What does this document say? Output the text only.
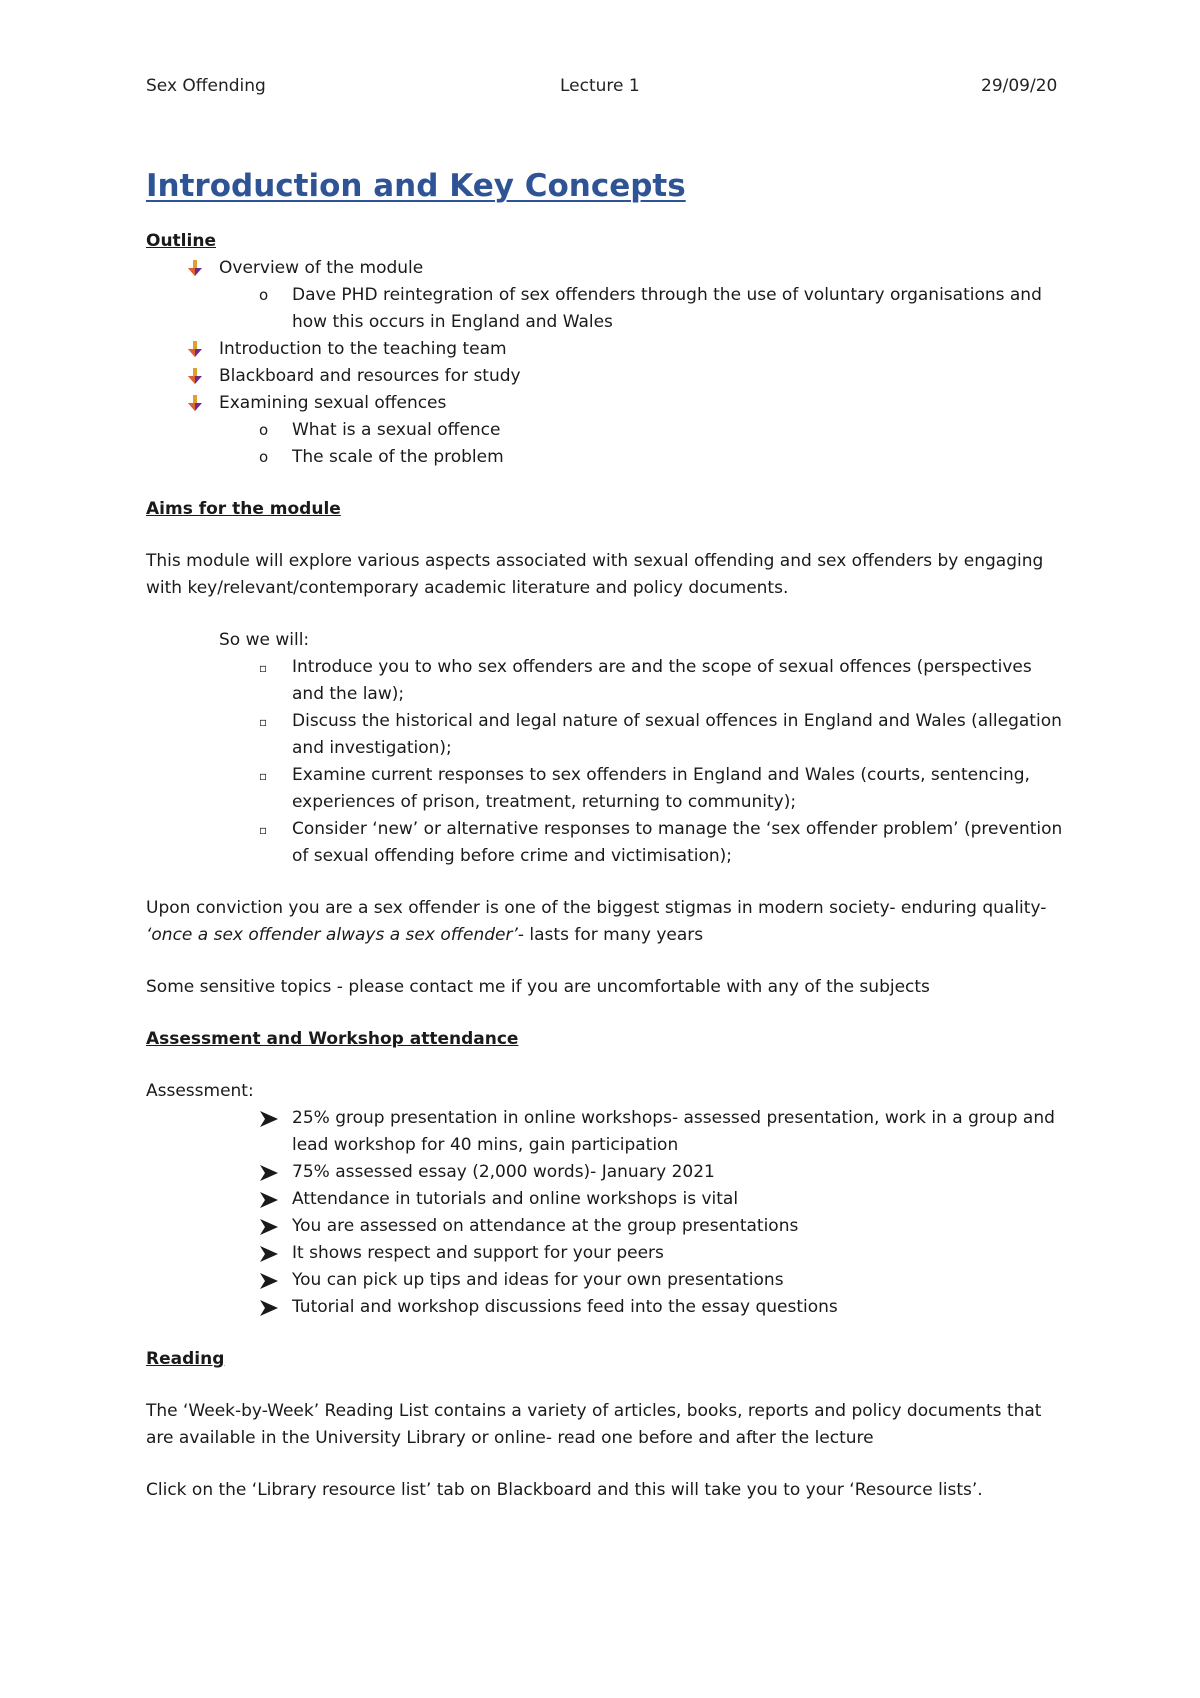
Sex Offending	Lecture 1	29/09/20
Introduction and Key Concepts

Outline

Overview of the module
o Dave PHD reintegration of sex offenders through the use of voluntary organisations and how this occurs in England and Wales
Introduction to the teaching team
Blackboard and resources for study
Examining sexual offences
o What is a sexual offence
o The scale of the problem

Aims for the module

This module will explore various aspects associated with sexual offending and sex offenders by engaging with key/relevant/contemporary academic literature and policy documents.

So we will:

▫ Introduce you to who sex offenders are and the scope of sexual offences (perspectives and the law);
▫ Discuss the historical and legal nature of sexual offences in England and Wales (allegation and investigation);
▫ Examine current responses to sex offenders in England and Wales (courts, sentencing, experiences of prison, treatment, returning to community);
▫ Consider ‘new’ or alternative responses to manage the ‘sex offender problem’ (prevention of sexual offending before crime and victimisation);

Upon conviction you are a sex offender is one of the biggest stigmas in modern society- enduring quality- ‘once a sex offender always a sex offender’- lasts for many years

Some sensitive topics - please contact me if you are uncomfortable with any of the subjects

Assessment and Workshop attendance

Assessment:

25% group presentation in online workshops- assessed presentation, work in a group and lead workshop for 40 mins, gain participation
75% assessed essay (2,000 words)- January 2021
Attendance in tutorials and online workshops is vital
You are assessed on attendance at the group presentations
It shows respect and support for your peers
You can pick up tips and ideas for your own presentations
Tutorial and workshop discussions feed into the essay questions

Reading

The ‘Week-by-Week’ Reading List contains a variety of articles, books, reports and policy documents that are available in the University Library or online- read one before and after the lecture

Click on the ‘Library resource list’ tab on Blackboard and this will take you to your ‘Resource lists’.
